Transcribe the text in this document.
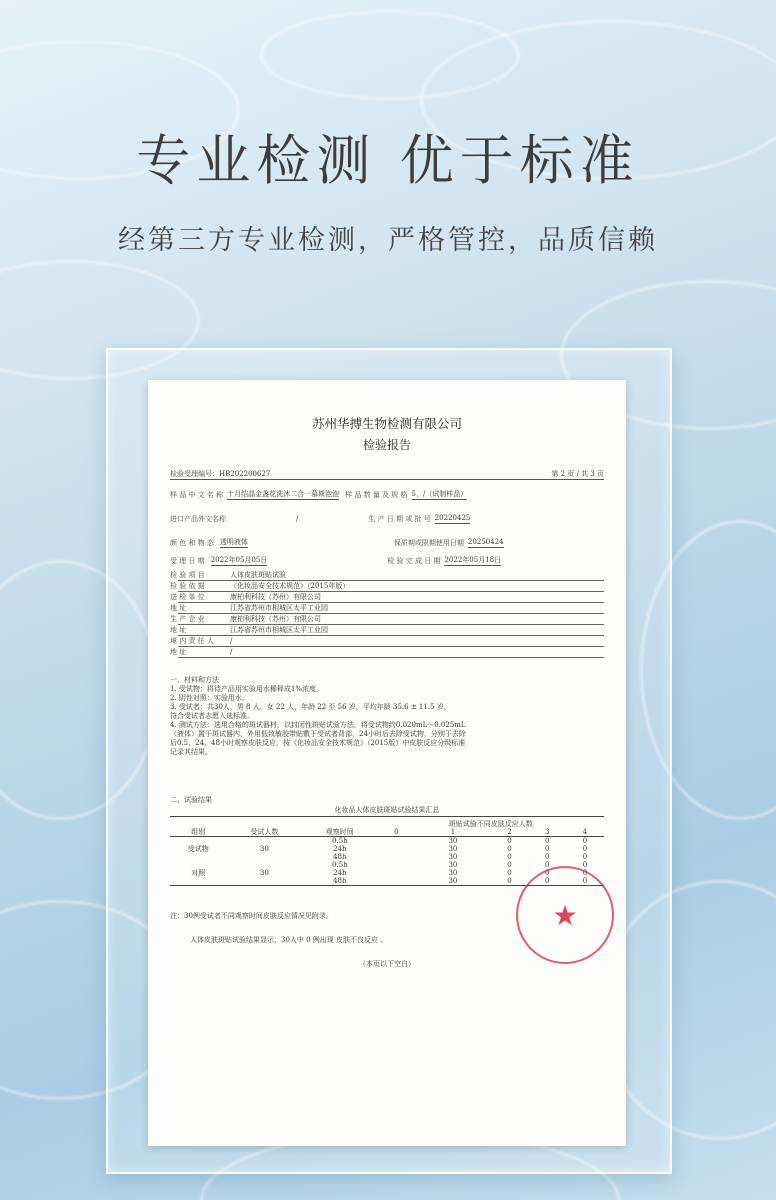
专业检测 优于标准
经第三方专业检测，严格管控，品质信赖
苏州华搏生物检测有限公司
检验报告
检验受理编号： HB202200627	第 2 页 / 共 3 页
样 品 中 文 名 称 十月结晶金盏花洗沐二合一慕斯泡泡 样 品 数 量 及 规 格 5，/（试制样品）
进口产品外文名称	/	生 产 日 期 或 批 号 20220425
颜 色 和 物 态 透明液体	保质期或限期使用日期 20250424
受 理 日 期 2022年05月05日	检 验 完 成 日 期 2022年05月18日
检 验 项 目	人体皮肤斑贴试验
检 验 依 据	《化妆品安全技术规范》（2015年版）
送 检 单 位	康柏利科技（苏州）有限公司
地 址	江苏省苏州市相城区太平工业园
生 产 企 业	康柏利科技（苏州）有限公司
地 址	江苏省苏州市相城区太平工业园
境 内 责 任 人 /
地 址	/
一、材料和方法
1. 受试物：将待产品用实验用水稀释成1%浓度。
2. 阴性对照：实验用水。
3. 受试者：共30人，男 8 人，女 22 人，年龄 22 至 56 岁，平均年龄 35.6 ± 11.5 岁，
符合受试者志愿入选标准。
4. 测试方法：选用合格的斑试器材，以封闭性斑贴试验方法，将受试物约0.020mL～0.025mL
（液体）置于斑试器内，外用低致敏胶带贴敷于受试者背部，24小时后去除受试物，分别于去除
后0.5、24、48小时观察皮肤反应，按《化妆品安全技术规范》（2015版）中皮肤反应分级标准
记录其结果。
二、试验结果
化妆品人体皮肤斑贴试验结果汇总
			斑贴试验不同皮肤反应人数				
组别	受试人数	观察时间	0	1	2	3	4
受试物	30	0.5h		30	0	0	0
		24h		30	0	0	0
		48h		30	0	0	0
对照	30	0.5h		30	0	0	0
		24h		30	0	0	0
		48h		30	0	0	0
注：30例受试者不同观察时间皮肤反应情况见附录。
人体皮肤斑贴试验结果显示，30人中 0 例出现 皮肤不良反应 。
（本页以下空白）
★
